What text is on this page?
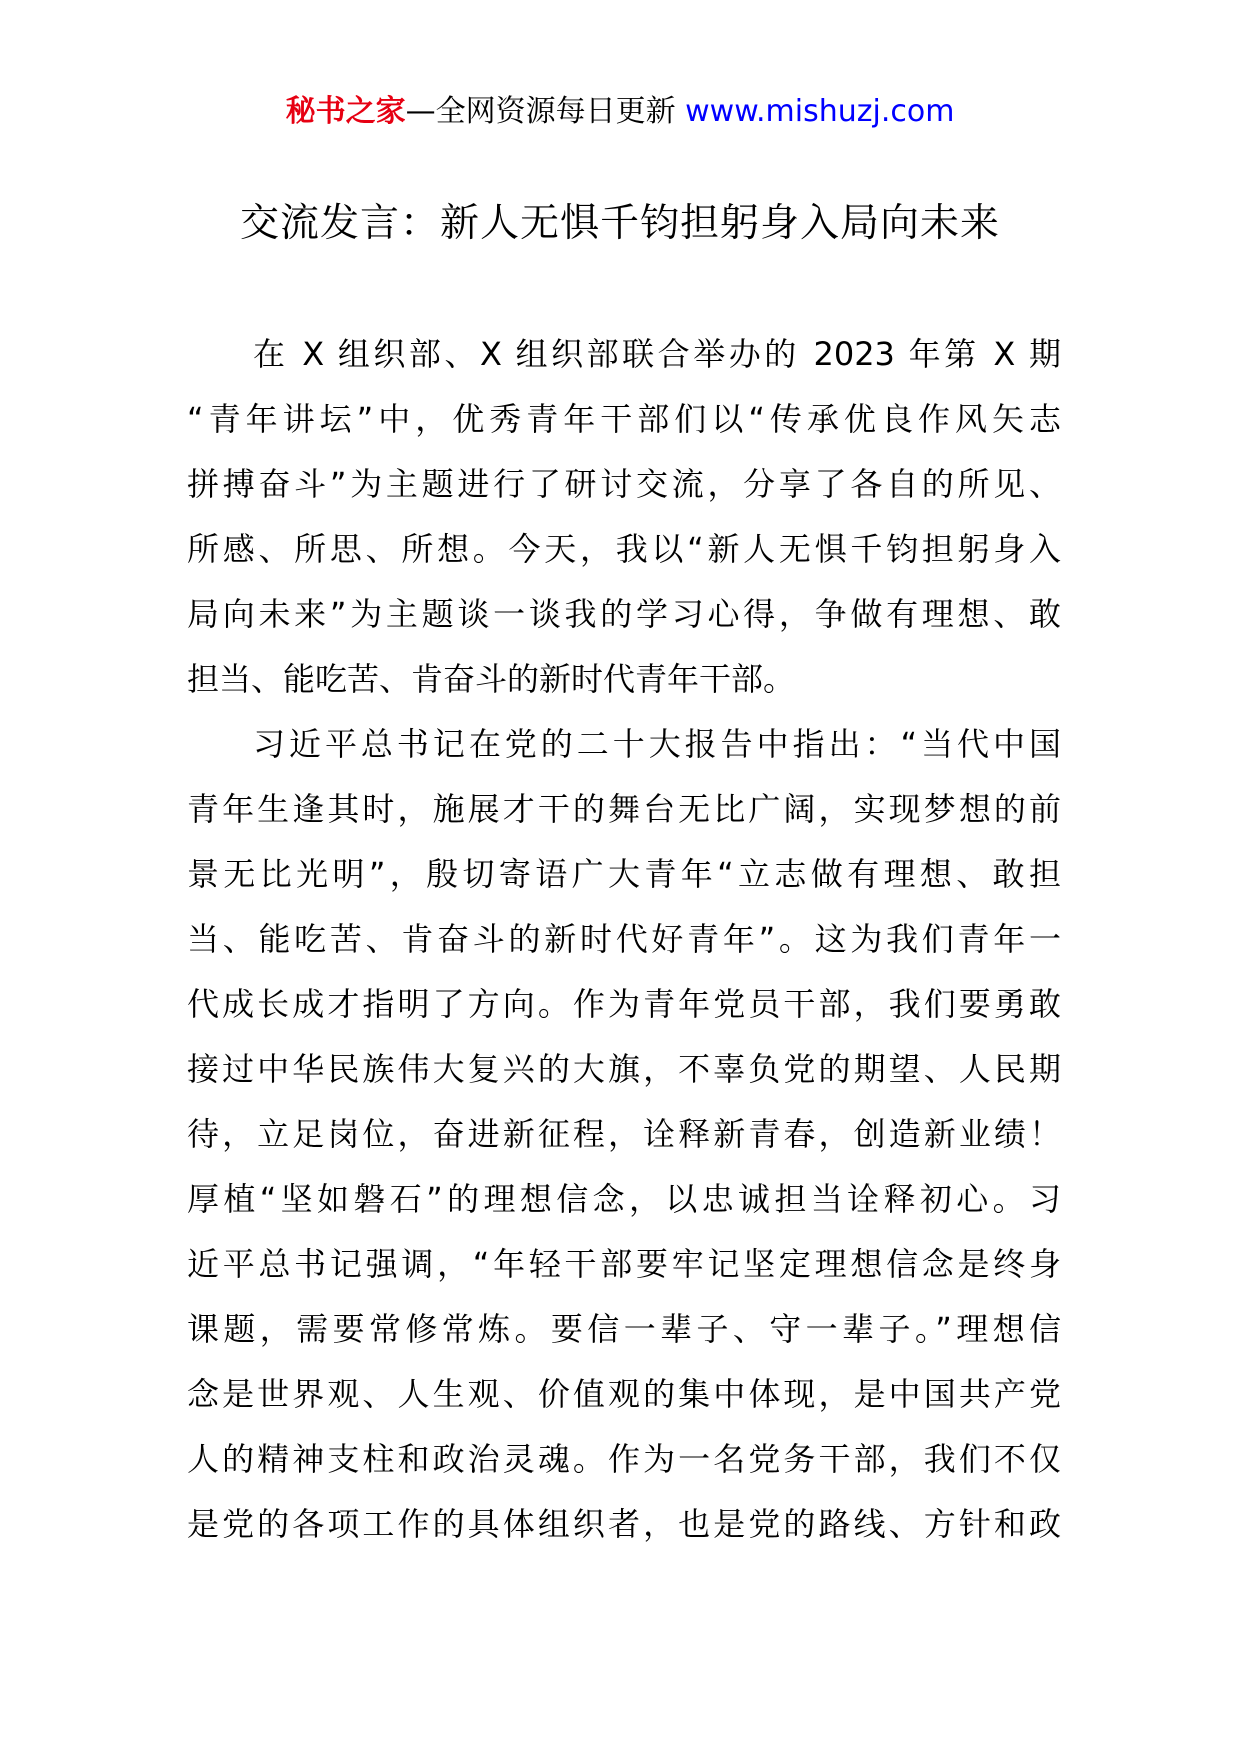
秘书之家—全网资源每日更新 www.mishuzj.com
交流发言：新人无惧千钧担躬身入局向未来
在 X 组织部、X 组织部联合举办的 2023 年第 X 期
“青年讲坛”中，优秀青年干部们以“传承优良作风矢志
拼搏奋斗”为主题进行了研讨交流，分享了各自的所见、
所感、所思、所想。今天，我以“新人无惧千钧担躬身入
局向未来”为主题谈一谈我的学习心得，争做有理想、敢
担当、能吃苦、肯奋斗的新时代青年干部。
习近平总书记在党的二十大报告中指出：“当代中国
青年生逢其时，施展才干的舞台无比广阔，实现梦想的前
景无比光明”，殷切寄语广大青年“立志做有理想、敢担
当、能吃苦、肯奋斗的新时代好青年”。这为我们青年一
代成长成才指明了方向。作为青年党员干部，我们要勇敢
接过中华民族伟大复兴的大旗，不辜负党的期望、人民期
待，立足岗位，奋进新征程，诠释新青春，创造新业绩！
厚植“坚如磐石”的理想信念，以忠诚担当诠释初心。习
近平总书记强调，“年轻干部要牢记坚定理想信念是终身
课题，需要常修常炼。要信一辈子、守一辈子。”理想信
念是世界观、人生观、价值观的集中体现，是中国共产党
人的精神支柱和政治灵魂。作为一名党务干部，我们不仅
是党的各项工作的具体组织者，也是党的路线、方针和政
